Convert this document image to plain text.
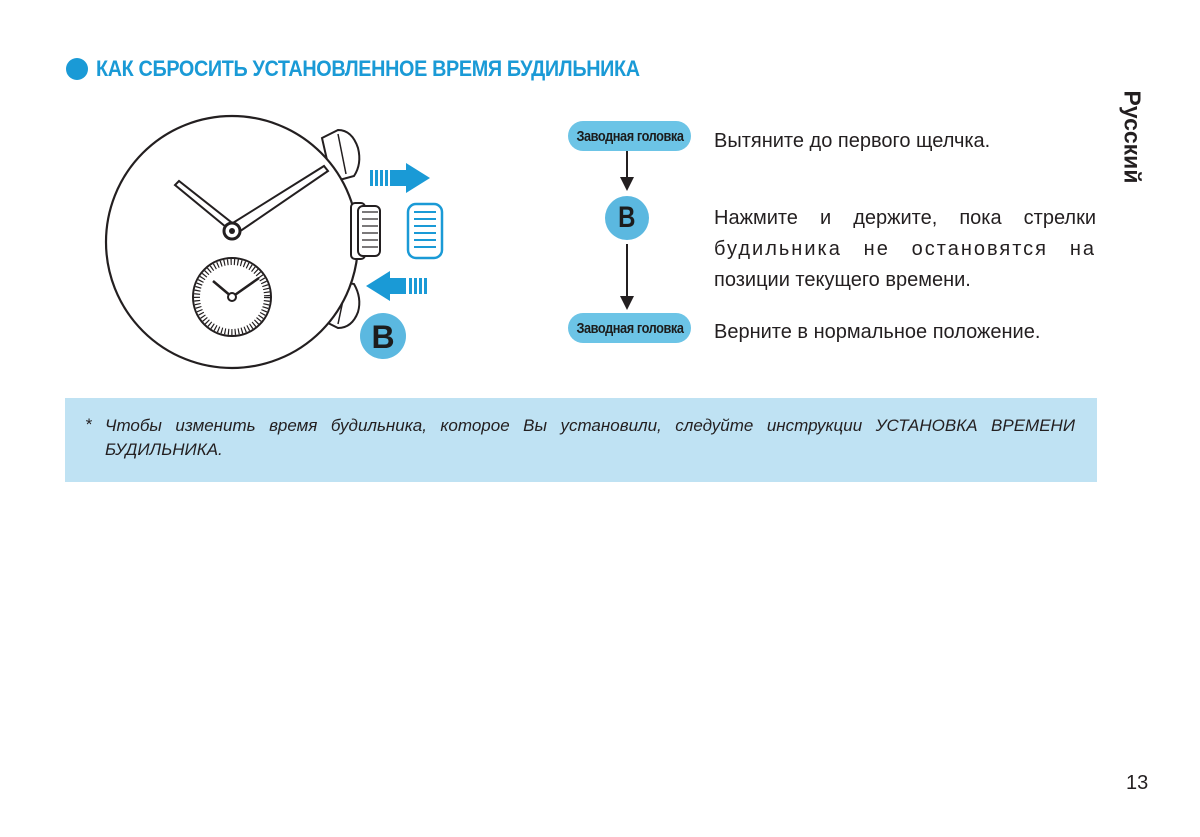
КАК СБРОСИТЬ УСТАНОВЛЕННОЕ ВРЕМЯ БУДИЛЬНИКА
Русский
B
Заводная головка
B
Заводная головка
Вытяните до первого щелчка.
Нажмите и держите, пока стрелки
будильника не остановятся на
позиции текущего времени.
Верните в нормальное положение.
* Чтобы изменить время будильника, которое Вы установили, следуйте инструкции УСТАНОВКА ВРЕМЕНИ БУДИЛЬНИКА.
13
